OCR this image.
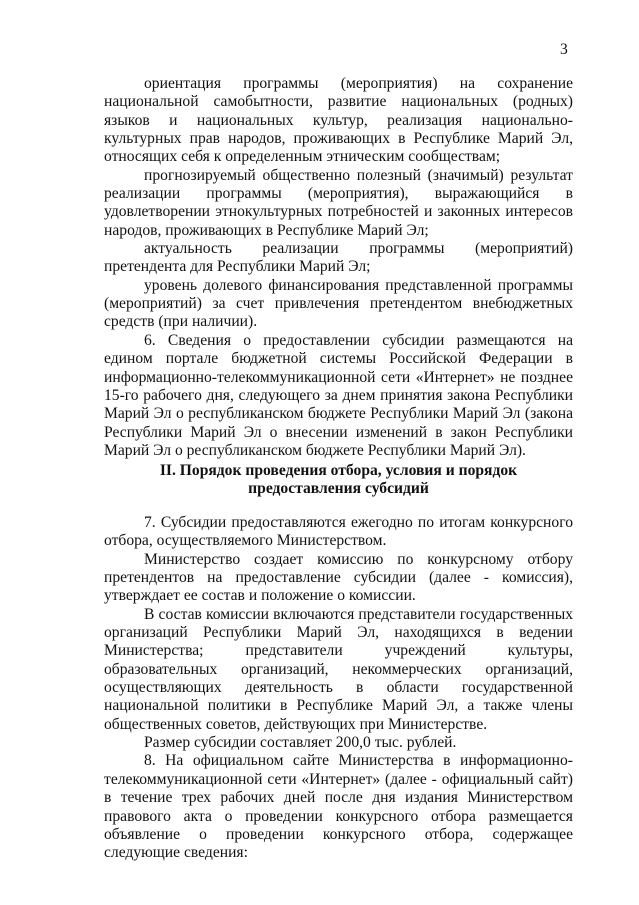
3

ориентация программы (мероприятия) на сохранение национальной самобытности, развитие национальных (родных) языков и национальных культур, реализация национально-культурных прав народов, проживающих в Республике Марий Эл, относящих себя к определенным этническим сообществам;

прогнозируемый общественно полезный (значимый) результат реализации программы (мероприятия), выражающийся в удовлетворении этнокультурных потребностей и законных интересов народов, проживающих в Республике Марий Эл;

актуальность реализации программы (мероприятий) претендента для Республики Марий Эл;

уровень долевого финансирования представленной программы (мероприятий) за счет привлечения претендентом внебюджетных средств (при наличии).

6. Сведения о предоставлении субсидии размещаются на едином портале бюджетной системы Российской Федерации в информационно-телекоммуникационной сети «Интернет» не позднее 15-го рабочего дня, следующего за днем принятия закона Республики Марий Эл о республиканском бюджете Республики Марий Эл (закона Республики Марий Эл о внесении изменений в закон Республики Марий Эл о республиканском бюджете Республики Марий Эл).

II. Порядок проведения отбора, условия и порядок
предоставления субсидий

7. Субсидии предоставляются ежегодно по итогам конкурсного отбора, осуществляемого Министерством.

Министерство создает комиссию по конкурсному отбору претендентов на предоставление субсидии (далее - комиссия), утверждает ее состав и положение о комиссии.

В состав комиссии включаются представители государственных организаций Республики Марий Эл, находящихся в ведении Министерства; представители учреждений культуры, образовательных организаций, некоммерческих организаций, осуществляющих деятельность в области государственной национальной политики в Республике Марий Эл, а также члены общественных советов, действующих при Министерстве.

Размер субсидии составляет 200,0 тыс. рублей.

8. На официальном сайте Министерства в информационно-телекоммуникационной сети «Интернет» (далее - официальный сайт) в течение трех рабочих дней после дня издания Министерством правового акта о проведении конкурсного отбора размещается объявление о проведении конкурсного отбора, содержащее следующие сведения:
